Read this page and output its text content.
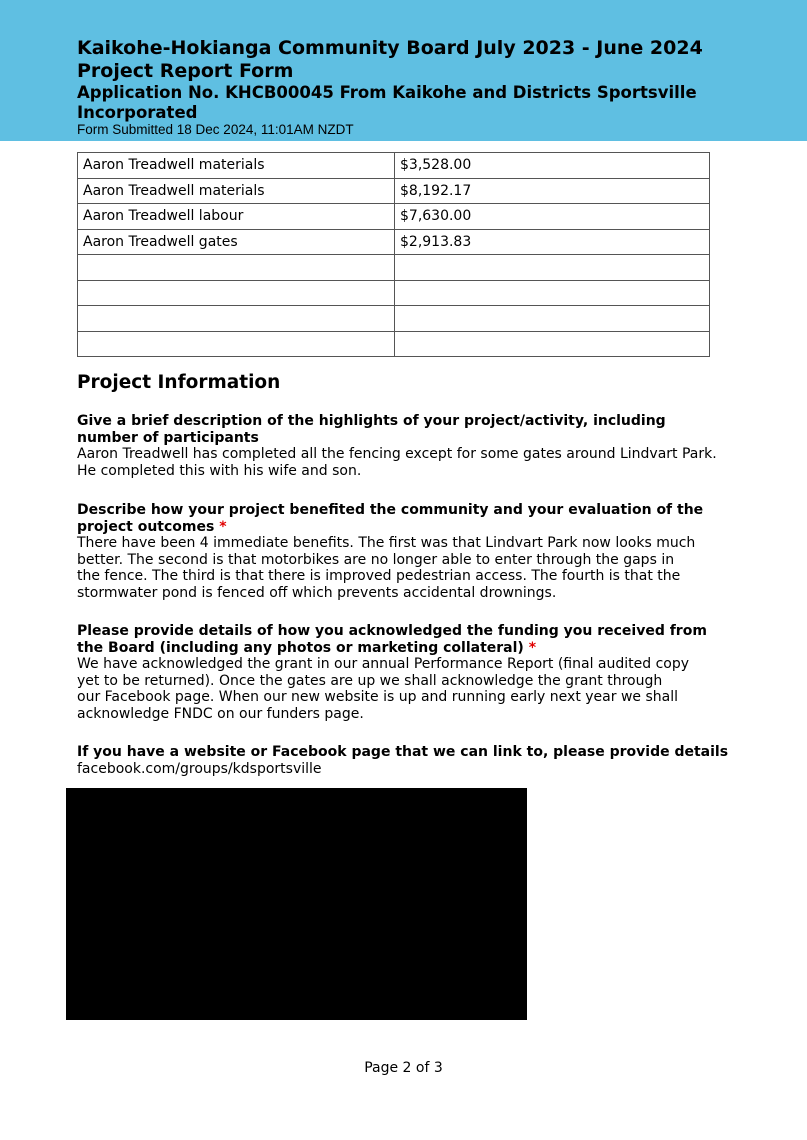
Kaikohe-Hokianga Community Board July 2023 - June 2024
Project Report Form
Application No. KHCB00045 From Kaikohe and Districts Sportsville Incorporated
Form Submitted 18 Dec 2024, 11:01AM NZDT
Aaron Treadwell materials	$3,528.00
Aaron Treadwell materials	$8,192.17
Aaron Treadwell labour	$7,630.00
Aaron Treadwell gates	$2,913.83

Project Information

Give a brief description of the highlights of your project/activity, including number of participants

Aaron Treadwell has completed all the fencing except for some gates around Lindvart Park.
He completed this with his wife and son.

Describe how your project benefited the community and your evaluation of the project outcomes *

There have been 4 immediate benefits. The first was that Lindvart Park now looks much
better. The second is that motorbikes are no longer able to enter through the gaps in
the fence. The third is that there is improved pedestrian access. The fourth is that the
stormwater pond is fenced off which prevents accidental drownings.

Please provide details of how you acknowledged the funding you received from the Board (including any photos or marketing collateral) *

We have acknowledged the grant in our annual Performance Report (final audited copy
yet to be returned). Once the gates are up we shall acknowledge the grant through
our Facebook page. When our new website is up and running early next year we shall
acknowledge FNDC on our funders page.

If you have a website or Facebook page that we can link to, please provide details

facebook.com/groups/kdsportsville

Page 2 of 3
